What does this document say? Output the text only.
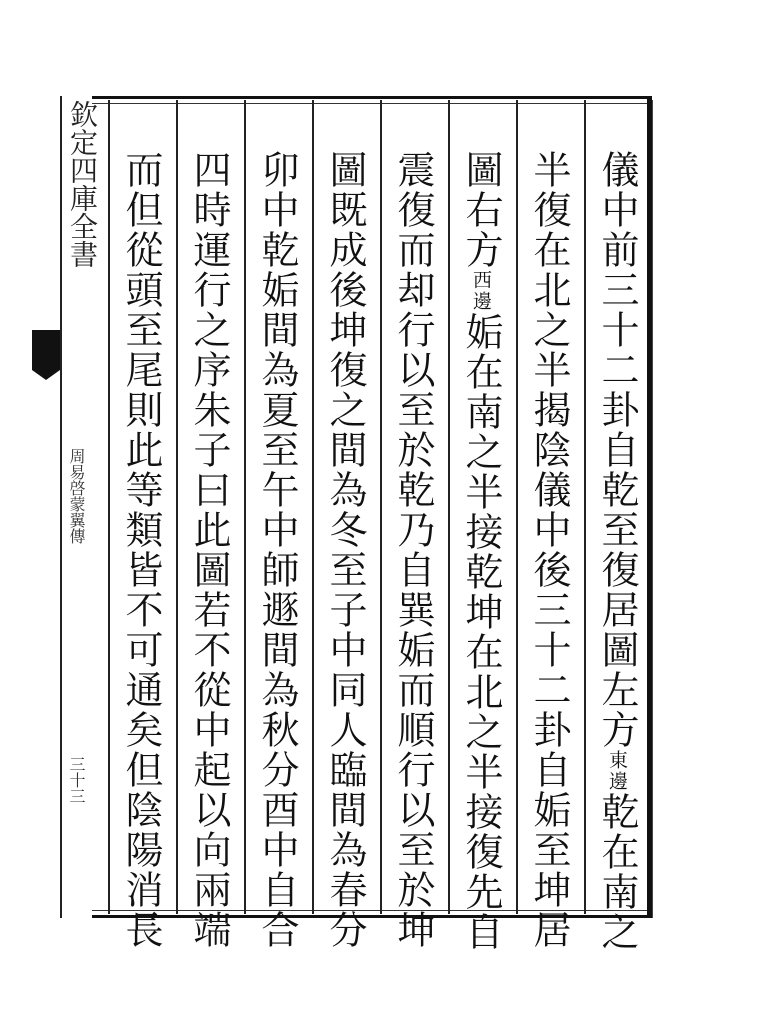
欽定四庫全書
周易啓蒙翼傳
三十三
儀中前三十二卦自乾至復居圖左方東邊乾在南之
半復在北之半揭陰儀中後三十二卦自姤至坤居
圖右方西邊姤在南之半接乾坤在北之半接復先自
震復而却行以至於乾乃自巽姤而順行以至於坤
圖既成後坤復之間為冬至子中同人臨間為春分
卯中乾姤間為夏至午中師遯間為秋分酉中自合
四時運行之序朱子曰此圖若不從中起以向兩端
而但從頭至尾則此等類皆不可通矣但陰陽消長
